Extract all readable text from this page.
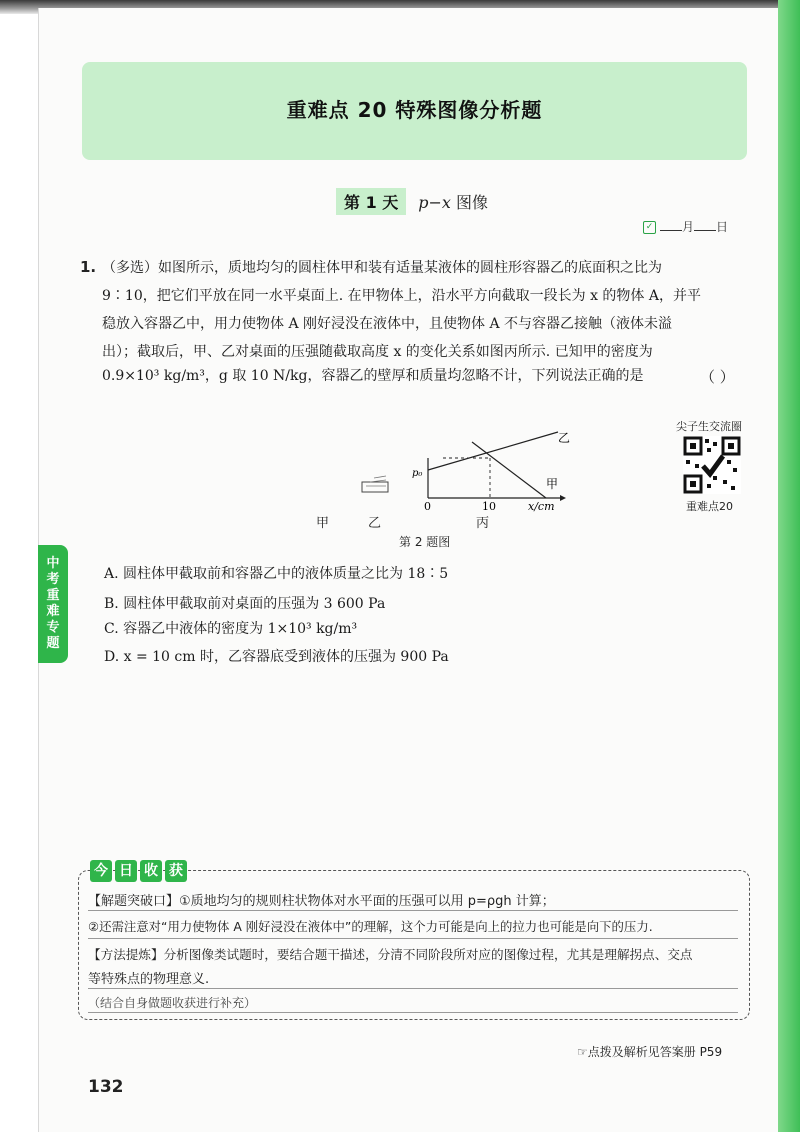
重难点 20 特殊图像分析题
第 1 天 p−x 图像
✓ 月 日
1. （多选）如图所示，质地均匀的圆柱体甲和装有适量某液体的圆柱形容器乙的底面积之比为
9∶10，把它们平放在同一水平桌面上. 在甲物体上，沿水平方向截取一段长为 x 的物体 A，并平
稳放入容器乙中，用力使物体 A 刚好浸没在液体中，且使物体 A 不与容器乙接触（液体未溢
出）；截取后，甲、乙对桌面的压强随截取高度 x 的变化关系如图丙所示. 已知甲的密度为
0.9×10³ kg/m³，g 取 10 N/kg，容器乙的壁厚和质量均忽略不计，下列说法正确的是	（ ）
尖子生交流圈
重难点20
p₀
0	10	x/cm
乙
甲
甲	乙	丙
第 2 题图
A. 圆柱体甲截取前和容器乙中的液体质量之比为 18∶5
B. 圆柱体甲截取前对桌面的压强为 3 600 Pa
C. 容器乙中液体的密度为 1×10³ kg/m³
D. x = 10 cm 时，乙容器底受到液体的压强为 900 Pa
中
考
重
难
专
题
今 日 收 获
【解题突破口】①质地均匀的规则柱状物体对水平面的压强可以用 p=ρgh 计算；
②还需注意对“用力使物体 A 刚好浸没在液体中”的理解，这个力可能是向上的拉力也可能是向下的压力.
【方法提炼】分析图像类试题时，要结合题干描述，分清不同阶段所对应的图像过程，尤其是理解拐点、交点
等特殊点的物理意义.
（结合自身做题收获进行补充）
☞点拨及解析见答案册 P59
132
